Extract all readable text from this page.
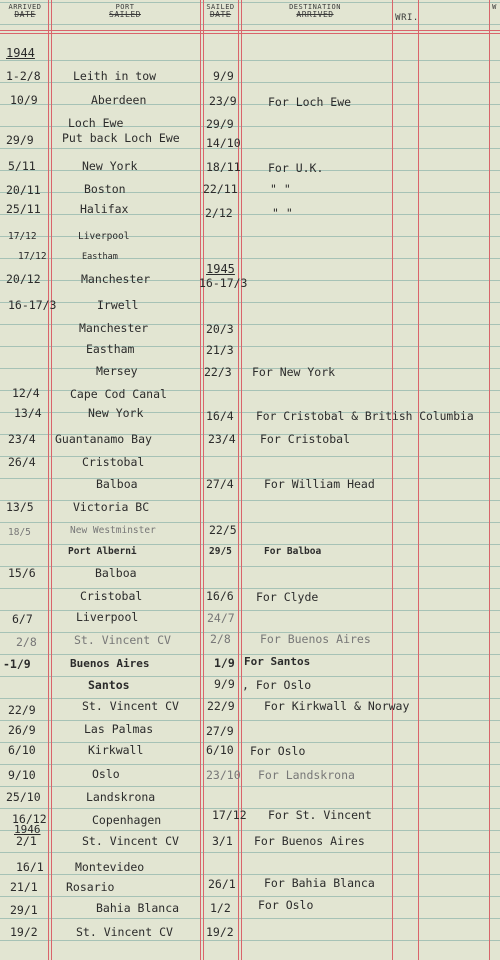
ARRIVED
DATE
PORT
SAILED
SAILED
DATE
DESTINATION
ARRIVED	WRI.
W
1944
1945
1946
1-2/8	Leith in tow	9/9
10/9	Aberdeen	23/9	For Loch Ewe
Loch Ewe	29/9
29/9 Put back Loch Ewe 14/10
5/11	New York	18/11 For U.K.
20/11	Boston	22/11	" "
25/11	Halifax	2/12	" "
17/12	Liverpool
17/12	Eastham
20/12	Manchester
16-17/3	Irwell
16-17/3
Manchester	20/3
Eastham	21/3
Mersey	22/3 For New York
12/4	Cape Cod Canal
13/4	New York	16/4 For Cristobal & British Columbia
23/4 Guantanamo Bay	23/4 For Cristobal
26/4	Cristobal
Balboa	27/4	For William Head
13/5	Victoria BC
18/5	New Westminster	22/5
Port Alberni	29/5	For Balboa
15/6	Balboa
Cristobal	16/6 For Clyde
6/7	Liverpool	24/7
2/8	St. Vincent CV	2/8	For Buenos Aires
-1/9	Buenos Aires	1/9 For Santos
Santos	9/9 , For Oslo
22/9	St. Vincent CV 22/9	For Kirkwall & Norway
26/9	Las Palmas	27/9
6/10	Kirkwall	6/10 For Oslo
9/10	Oslo	23/10 For Landskrona
25/10	Landskrona
16/12	Copenhagen	17/12 For St. Vincent
2/1	St. Vincent CV	3/1 For Buenos Aires
16/1	Montevideo
21/1 Rosario	26/1 For Bahia Blanca
29/1	Bahia Blanca	1/2 For Oslo
19/2	St. Vincent CV	19/2
